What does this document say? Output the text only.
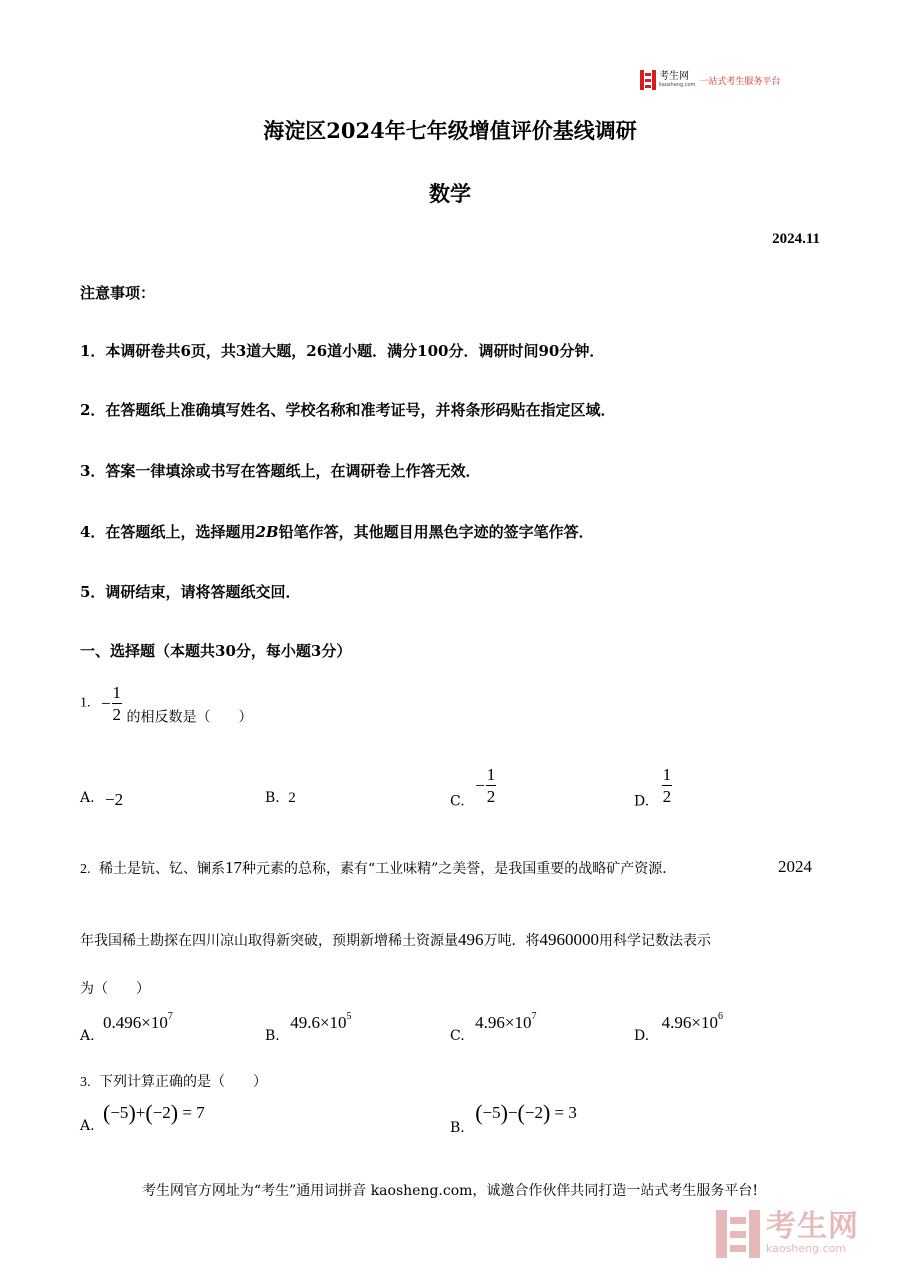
考生网
kaosheng.com 一站式考生服务平台
海淀区2024年七年级增值评价基线调研
数学
2024.11
注意事项：
1．本调研卷共6页，共3道大题，26道小题．满分100分．调研时间90分钟．
2．在答题纸上准确填写姓名、学校名称和准考证号，并将条形码贴在指定区域．
3．答案一律填涂或书写在答题纸上，在调研卷上作答无效．
4．在答题纸上，选择题用2B铅笔作答，其他题目用黑色字迹的签字笔作答．
5．调研结束，请将答题纸交回．
一、选择题（本题共30分，每小题3分）
1. − $\frac{1}{2}$ 的相反数是（　　）
A. −2	B. 2	C. − $\frac{1}{2}$	D. $\frac{1}{2}$
2. 稀土是钪、钇、镧系17种元素的总称，素有“工业味精”之美誉，是我国重要的战略矿产资源．	2024
年我国稀土勘探在四川凉山取得新突破，预期新增稀土资源量496万吨．将4960000用科学记数法表示
为（　　）
A. $0.496\times 10^7$
B. $49.6\times 10^5$
C. $4.96\times 10^7$
D. $4.96\times 10^6$
3. 下列计算正确的是（　　）
A. (−5)+(−2) = 7
B. (−5)−(−2) = 3
考生网官方网址为“考生”通用词拼音 kaosheng.com，诚邀合作伙伴共同打造一站式考生服务平台!
考生网
kaosheng.com
